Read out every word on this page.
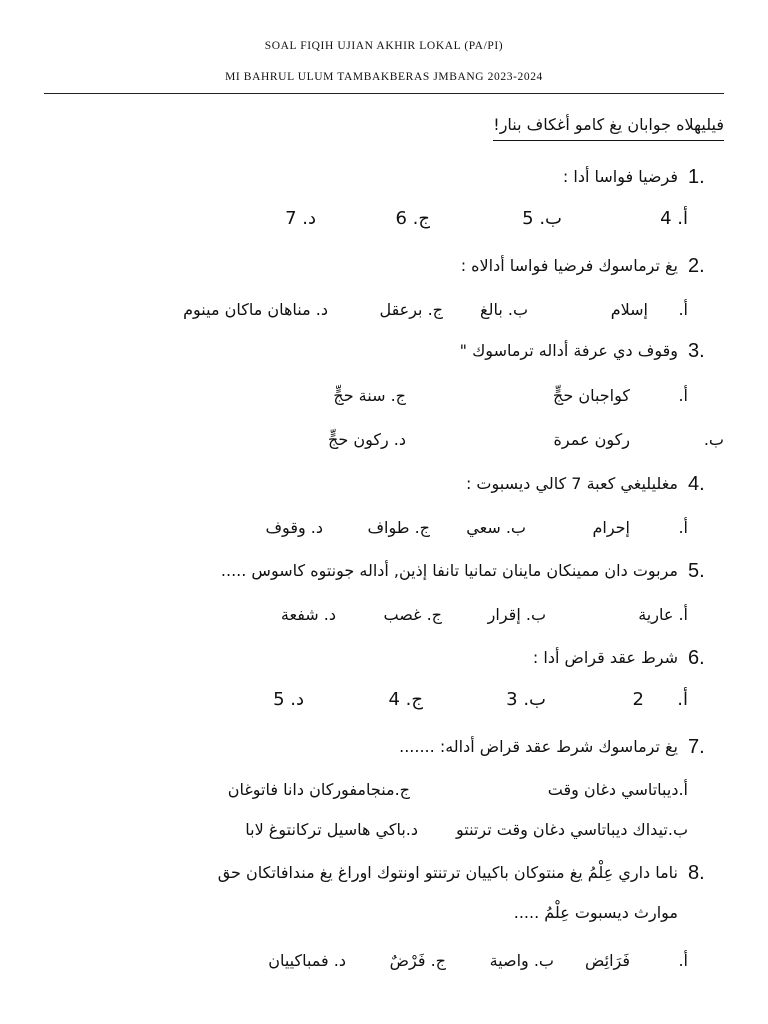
SOAL FIQIH UJIAN AKHIR LOKAL (PA/PI)
MI BAHRUL ULUM TAMBAKBERAS JMBANG 2023-2024
فيليهلاه جوابان يغ كامو أغكاف بنار!
1.
فرضيا فواسا أدا :
أ. 4
ب. 5
ج. 6
د. 7
2.
يغ ترماسوك فرضيا فواسا أدالاه :
أ.
إسلام
ب. بالغ
ج. برعقل
د. مناهان ماكان مينوم
3.
وقوف دي عرفة أداله ترماسوك "
أ.
كواجبان حجٍّ
ج. سنة حجٍّ
ب.
ركون عمرة
د. ركون حجٍّ
4.
مغليليغي كعبة 7 كالي ديسبوت :
أ.
إحرام
ب. سعي
ج. طواف
د. وقوف
5.
مربوت دان ممينكان ماينان تمانيا تانفا إذين, أداله جونتوه كاسوس .....
أ. عارية
ب. إقرار
ج. غصب
د. شفعة
6.
شرط عقد قراض أدا :
أ.
2
ب. 3
ج. 4
د. 5
7.
يغ ترماسوك شرط عقد قراض أداله: .......
أ.ديباتاسي دغان وقت
ج.منجامفوركان دانا فاتوغان
ب.تيداك ديباتاسي دغان وقت ترتنتو
د.باكي هاسيل تركانتوغ لابا
8.
ناما داري عِلْمُ يغ منتوكان باكييان ترتنتو اونتوك اوراغ يغ مندافاتكان حق
موارث ديسبوت عِلْمُ .....
أ.
فَرَائِض
ب. واصية
ج. فَرْضٌ
د. فمباكييان
